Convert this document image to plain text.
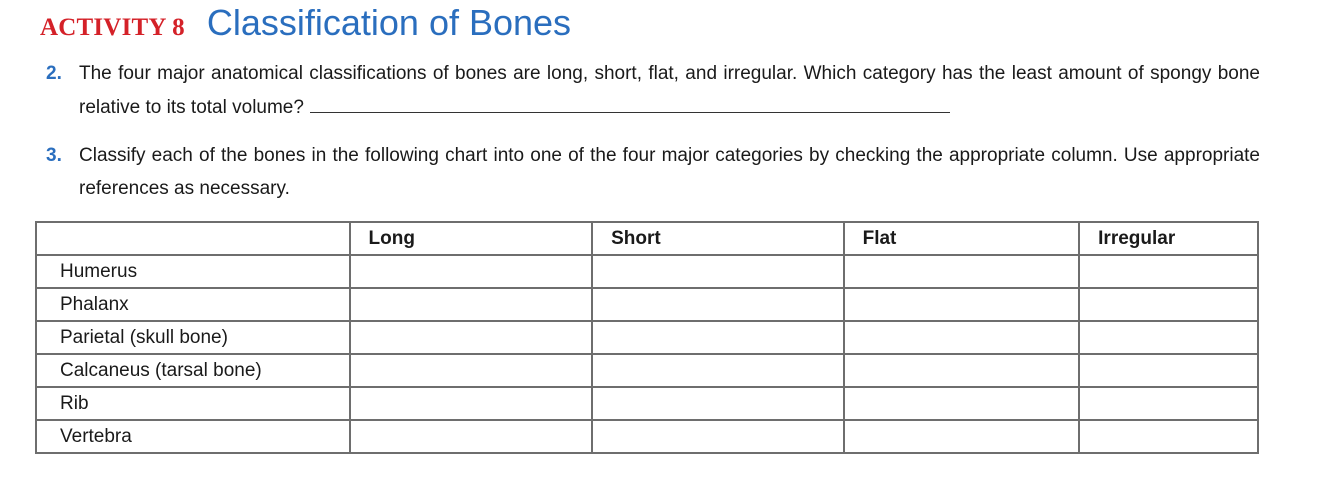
ACTIVITY 8 Classification of Bones
2. The four major anatomical classifications of bones are long, short, flat, and irregular. Which category has the least amount of spongy bone relative to its total volume?
3. Classify each of the bones in the following chart into one of the four major categories by checking the appropriate column. Use appropriate references as necessary.
	Long	Short	Flat	Irregular
Humerus				
Phalanx				
Parietal (skull bone)				
Calcaneus (tarsal bone)				
Rib				
Vertebra				
